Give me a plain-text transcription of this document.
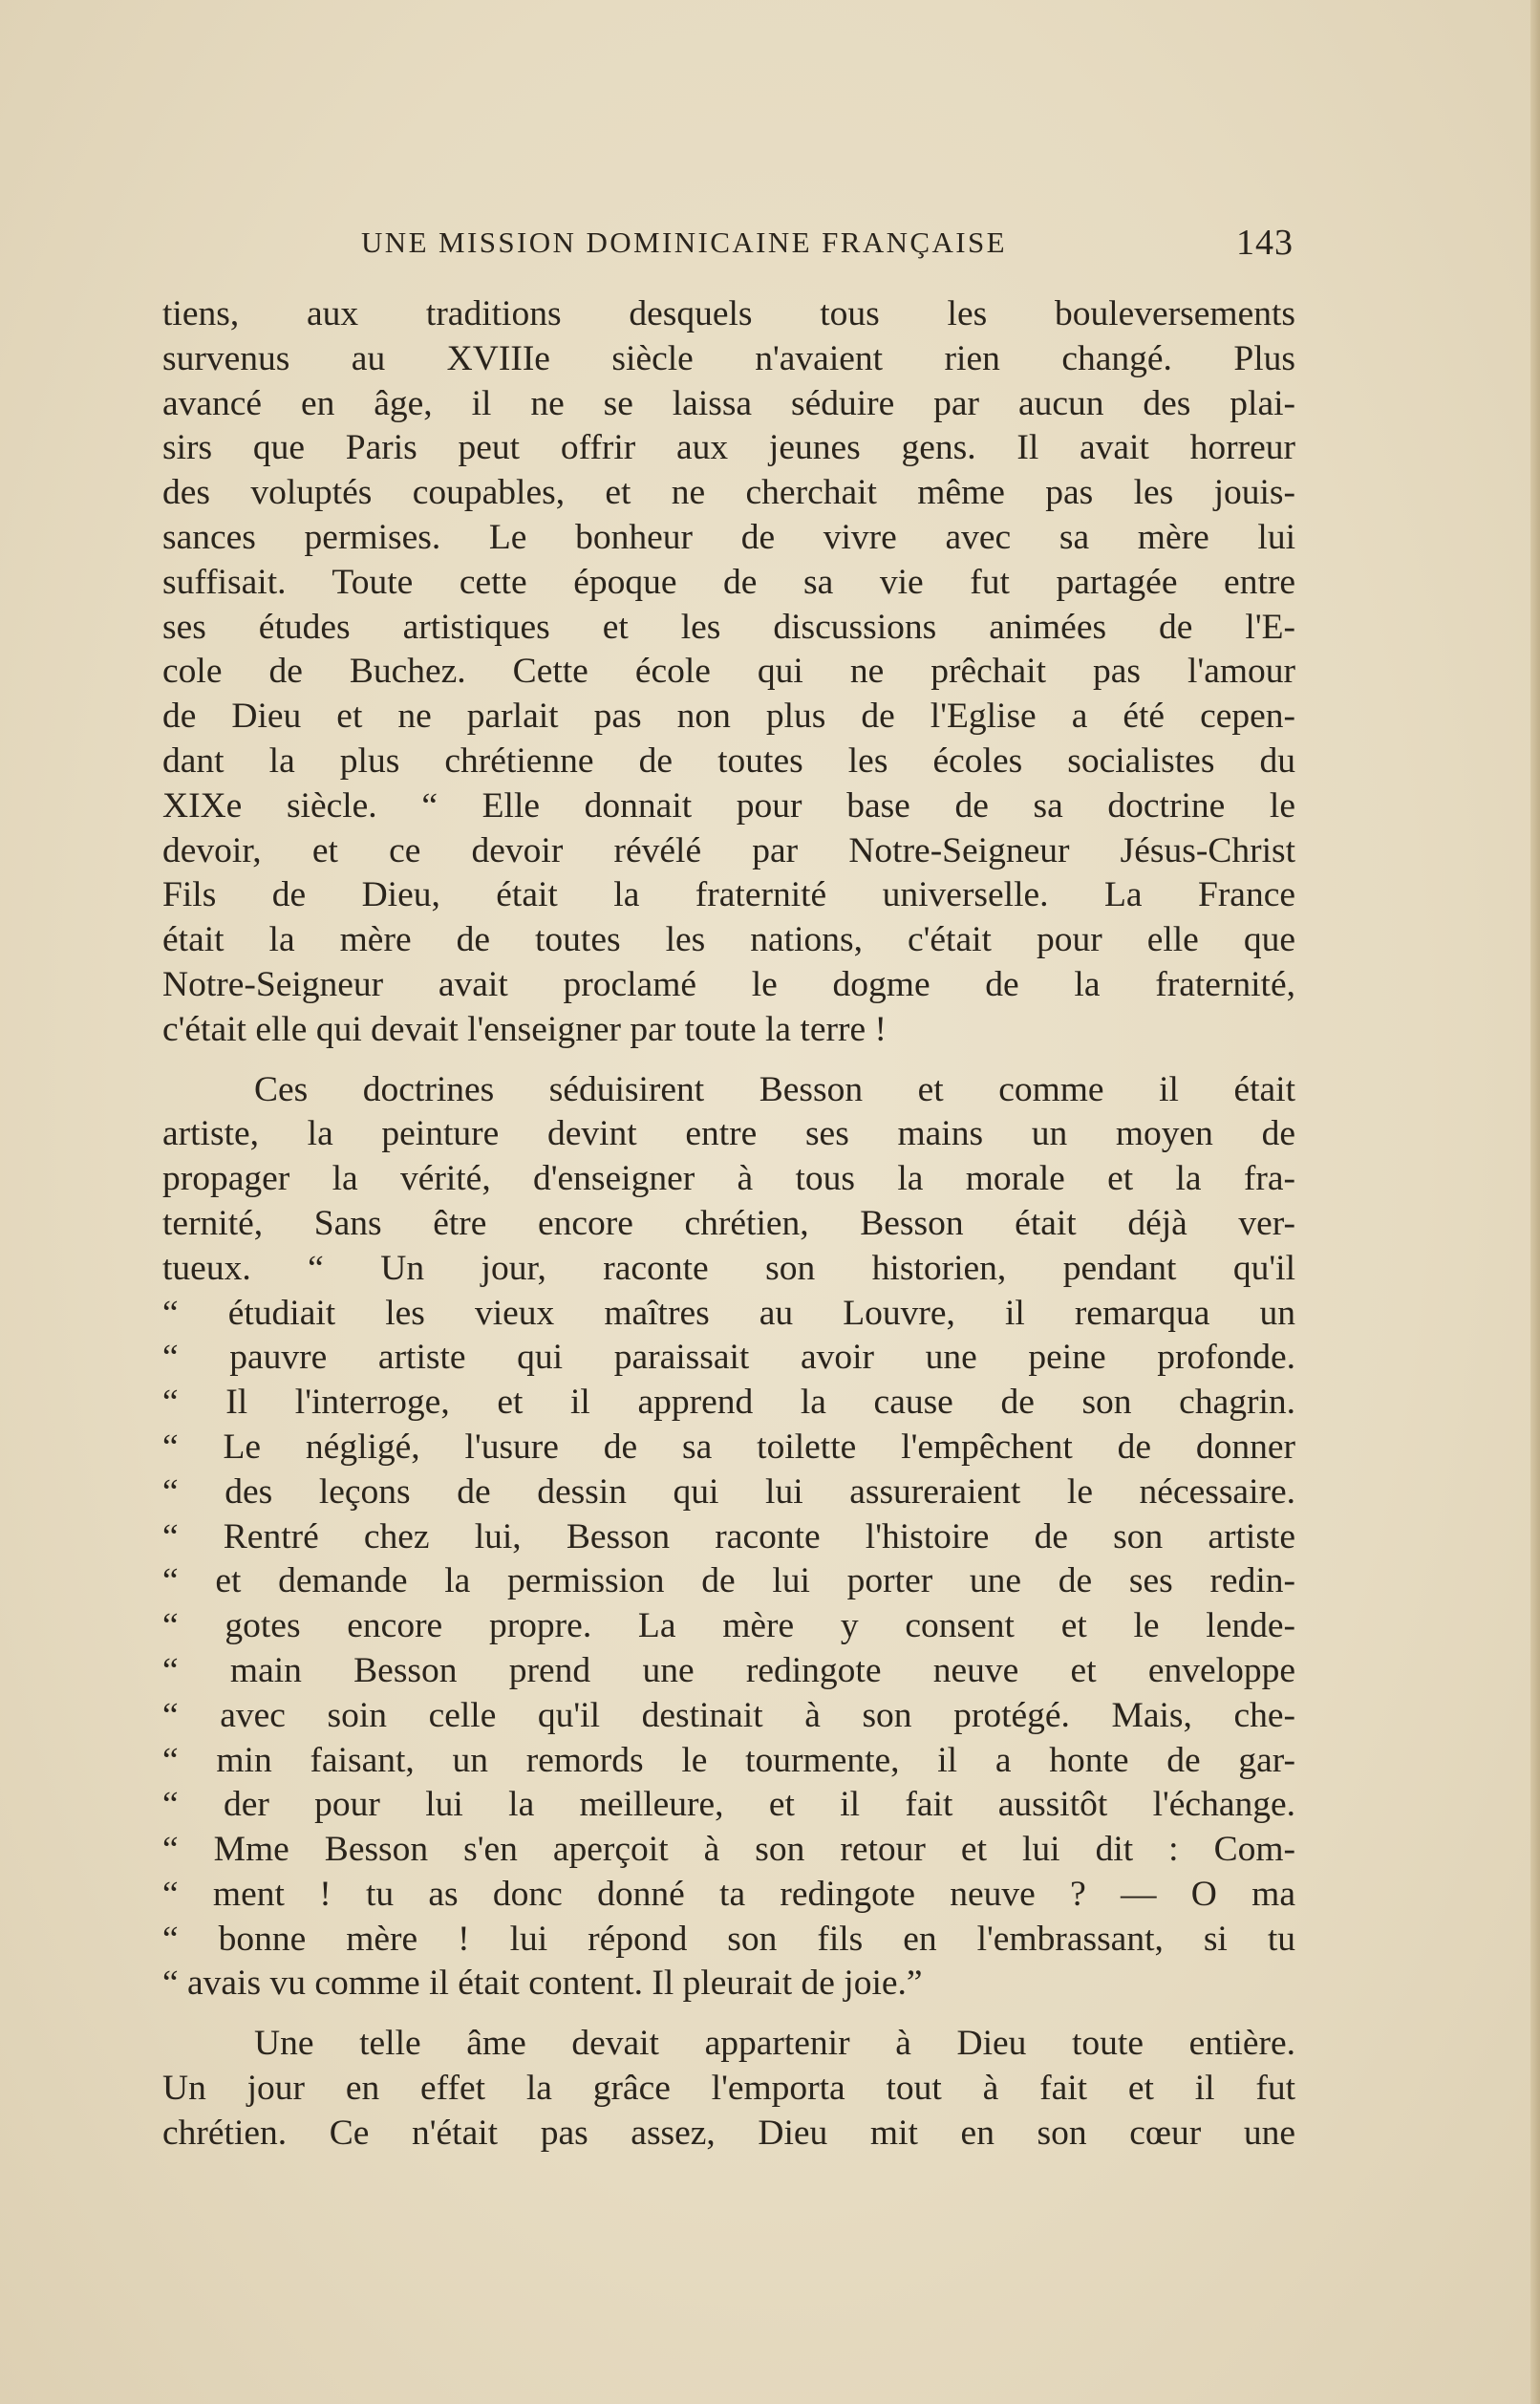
UNE MISSION DOMINICAINE FRANÇAISE	143
tiens, aux traditions desquels tous les bouleversements
survenus au XVIIIe siècle n'avaient rien changé. Plus
avancé en âge, il ne se laissa séduire par aucun des plai-
sirs que Paris peut offrir aux jeunes gens. Il avait horreur
des voluptés coupables, et ne cherchait même pas les jouis-
sances permises. Le bonheur de vivre avec sa mère lui
suffisait. Toute cette époque de sa vie fut partagée entre
ses études artistiques et les discussions animées de l'E-
cole de Buchez. Cette école qui ne prêchait pas l'amour
de Dieu et ne parlait pas non plus de l'Eglise a été cepen-
dant la plus chrétienne de toutes les écoles socialistes du
XIXe siècle. “ Elle donnait pour base de sa doctrine le
devoir, et ce devoir révélé par Notre-Seigneur Jésus-Christ
Fils de Dieu, était la fraternité universelle. La France
était la mère de toutes les nations, c'était pour elle que
Notre-Seigneur avait proclamé le dogme de la fraternité,
c'était elle qui devait l'enseigner par toute la terre !
Ces doctrines séduisirent Besson et comme il était
artiste, la peinture devint entre ses mains un moyen de
propager la vérité, d'enseigner à tous la morale et la fra-
ternité, Sans être encore chrétien, Besson était déjà ver-
tueux. “ Un jour, raconte son historien, pendant qu'il
“ étudiait les vieux maîtres au Louvre, il remarqua un
“ pauvre artiste qui paraissait avoir une peine profonde.
“ Il l'interroge, et il apprend la cause de son chagrin.
“ Le négligé, l'usure de sa toilette l'empêchent de donner
“ des leçons de dessin qui lui assureraient le nécessaire.
“ Rentré chez lui, Besson raconte l'histoire de son artiste
“ et demande la permission de lui porter une de ses redin-
“ gotes encore propre. La mère y consent et le lende-
“ main Besson prend une redingote neuve et enveloppe
“ avec soin celle qu'il destinait à son protégé. Mais, che-
“ min faisant, un remords le tourmente, il a honte de gar-
“ der pour lui la meilleure, et il fait aussitôt l'échange.
“ Mme Besson s'en aperçoit à son retour et lui dit : Com-
“ ment ! tu as donc donné ta redingote neuve ? — O ma
“ bonne mère ! lui répond son fils en l'embrassant, si tu
“ avais vu comme il était content. Il pleurait de joie.”
Une telle âme devait appartenir à Dieu toute entière.
Un jour en effet la grâce l'emporta tout à fait et il fut
chrétien. Ce n'était pas assez, Dieu mit en son cœur une
